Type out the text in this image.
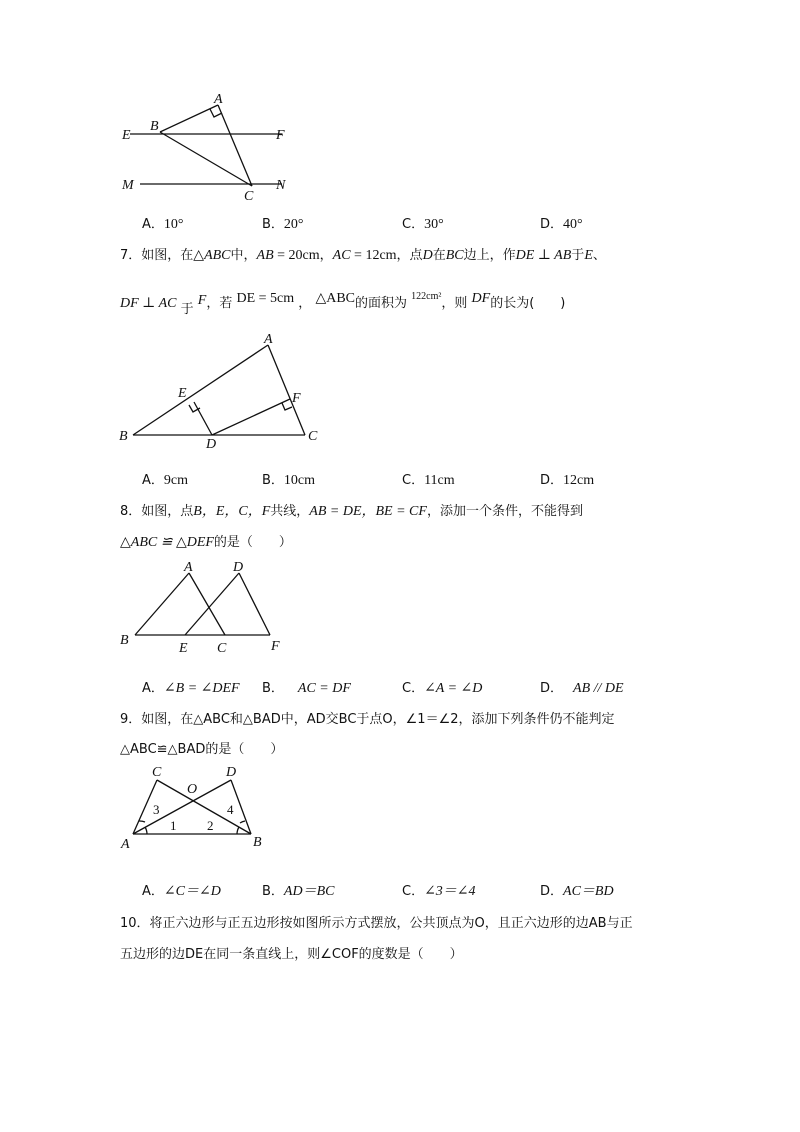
A
B
E	F
M
C
N
A．10°	B．20°	C．30°	D．40°
7．如图，在△ABC中，AB = 20cm，AC = 12cm，点D在BC边上，作DE ⊥ AB于E、
DF ⊥ AC 于 F，若 DE = 5cm ， △ABC的面积为 $^{122cm^2}$，则 DF的长为(　　)
A
E	F
B
D
C
A．9cm	B．10cm	C．11cm	D．12cm
8．如图，点B，E，C，F共线，AB = DE，BE = CF，添加一个条件，不能得到
△ABC ≌ △DEF的是（　　）
A	D
B
E C	F
A．∠B = ∠DEF B． AC = DF	C．∠A = ∠D	D． AB // DE
9．如图，在△ABC和△BAD中，AD交BC于点O，∠1＝∠2，添加下列条件仍不能判定
△ABC≌△BAD的是（　　）
C
O
D
3	4
1 2
A	B
A．∠C＝∠D	B．AD＝BC	C．∠3＝∠4	D．AC＝BD
10．将正六边形与正五边形按如图所示方式摆放，公共顶点为O，且正六边形的边AB与正
五边形的边DE在同一条直线上，则∠COF的度数是（　　）
